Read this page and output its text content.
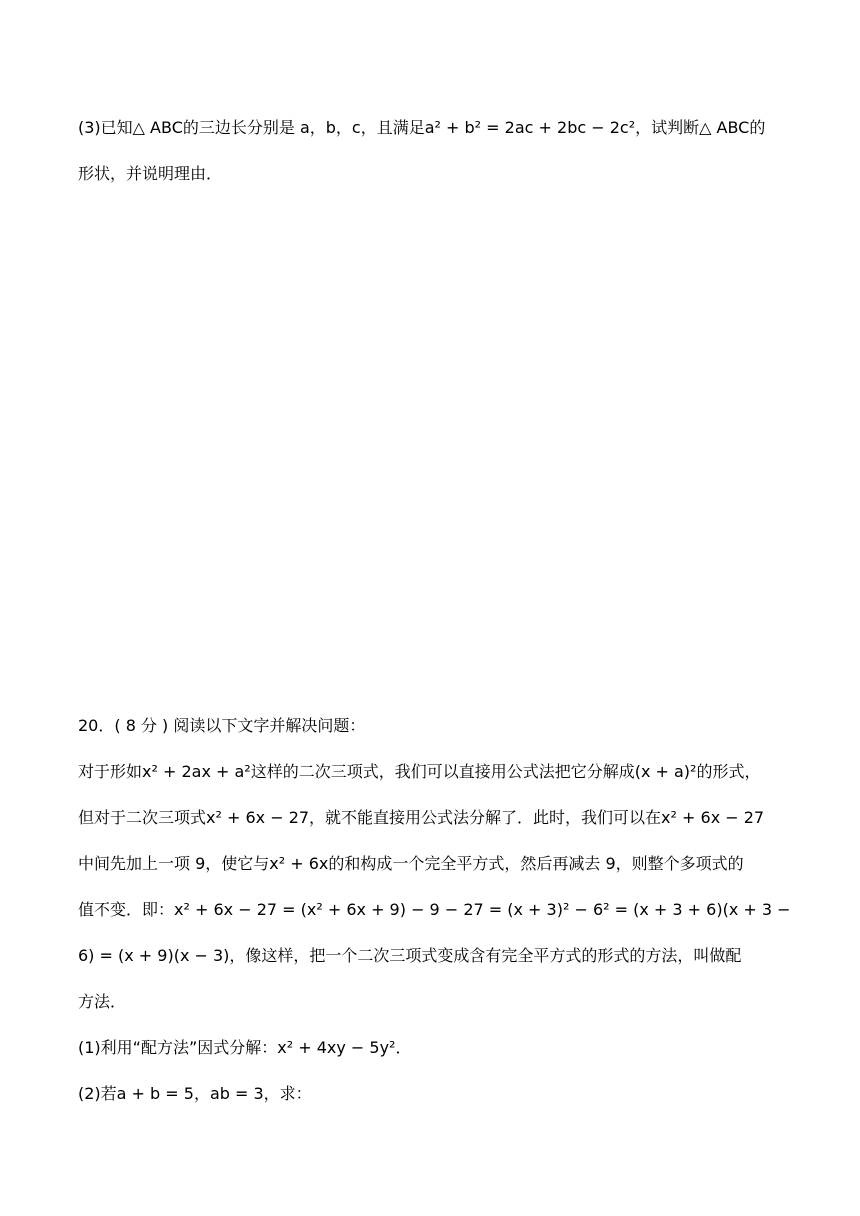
(3)已知△ ABC的三边长分别是 a，b，c，且满足a² + b² = 2ac + 2bc − 2c²，试判断△ ABC的
形状，并说明理由．
20．( 8 分 ) 阅读以下文字并解决问题：
对于形如x² + 2ax + a²这样的二次三项式，我们可以直接用公式法把它分解成(x + a)²的形式，
但对于二次三项式x² + 6x − 27，就不能直接用公式法分解了．此时，我们可以在x² + 6x − 27
中间先加上一项 9，使它与x² + 6x的和构成一个完全平方式，然后再减去 9，则整个多项式的
值不变．即：x² + 6x − 27 = (x² + 6x + 9) − 9 − 27 = (x + 3)² − 6² = (x + 3 + 6)(x + 3 −
6) = (x + 9)(x − 3)，像这样，把一个二次三项式变成含有完全平方式的形式的方法，叫做配
方法．
(1)利用“配方法”因式分解：x² + 4xy − 5y²．
(2)若a + b = 5，ab = 3，求：
